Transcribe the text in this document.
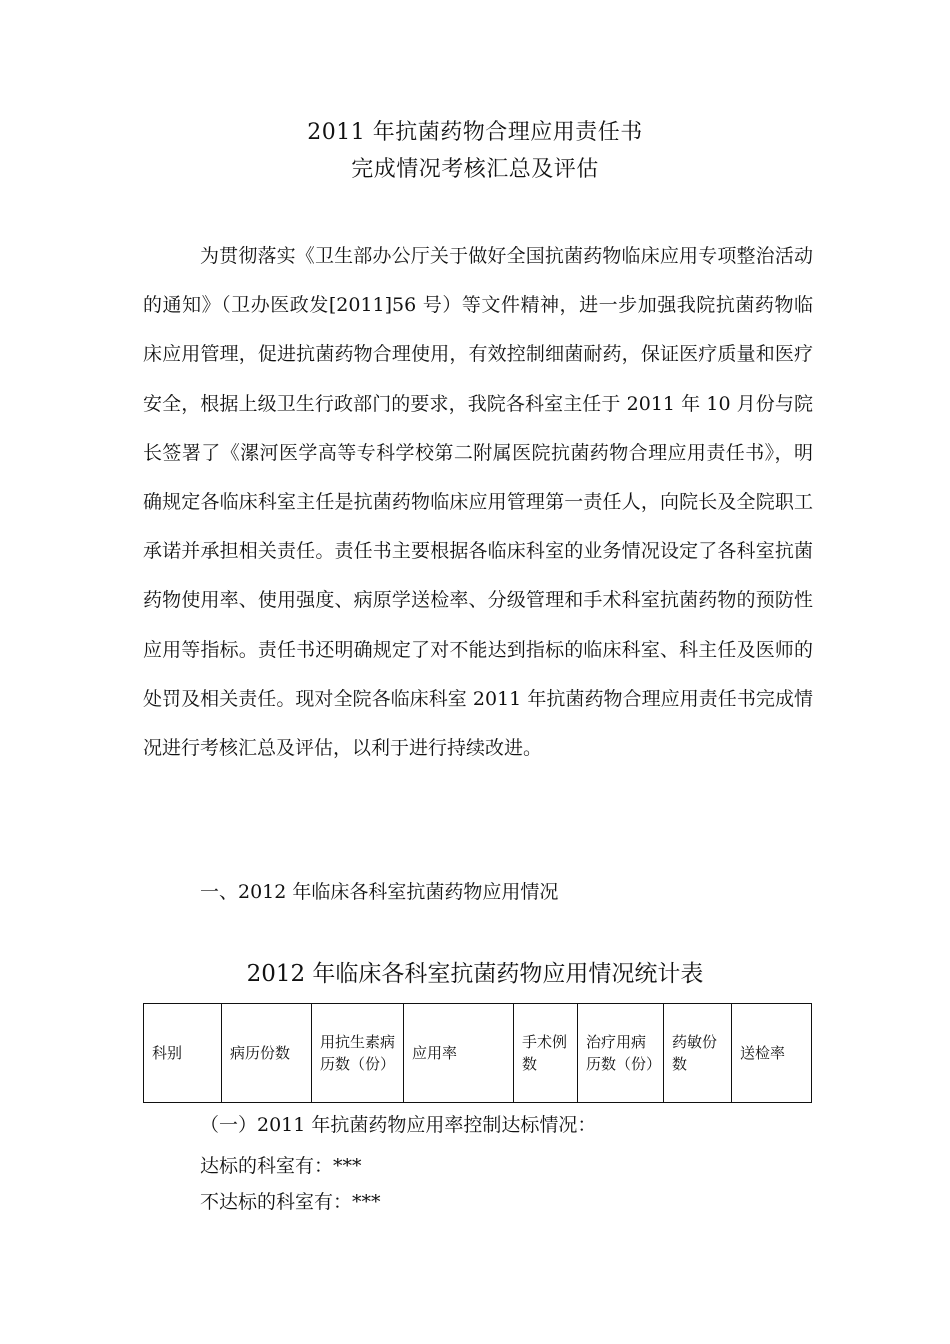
2011 年抗菌药物合理应用责任书
完成情况考核汇总及评估

为贯彻落实《卫生部办公厅关于做好全国抗菌药物临床应用专项整治活动的通知》（卫办医政发[2011]56 号）等文件精神，进一步加强我院抗菌药物临床应用管理，促进抗菌药物合理使用，有效控制细菌耐药，保证医疗质量和医疗安全，根据上级卫生行政部门的要求，我院各科室主任于 2011 年 10 月份与院长签署了《漯河医学高等专科学校第二附属医院抗菌药物合理应用责任书》，明确规定各临床科室主任是抗菌药物临床应用管理第一责任人，向院长及全院职工承诺并承担相关责任。责任书主要根据各临床科室的业务情况设定了各科室抗菌药物使用率、使用强度、病原学送检率、分级管理和手术科室抗菌药物的预防性应用等指标。责任书还明确规定了对不能达到指标的临床科室、科主任及医师的处罚及相关责任。现对全院各临床科室 2011 年抗菌药物合理应用责任书完成情况进行考核汇总及评估，以利于进行持续改进。

一、2012 年临床各科室抗菌药物应用情况
2012 年临床各科室抗菌药物应用情况统计表
科别	病历份数	用抗生素病历数（份）	应用率	手术例数	治疗用病历数（份）	药敏份数	送检率
（一）2011 年抗菌药物应用率控制达标情况：
达标的科室有：***
不达标的科室有：***
